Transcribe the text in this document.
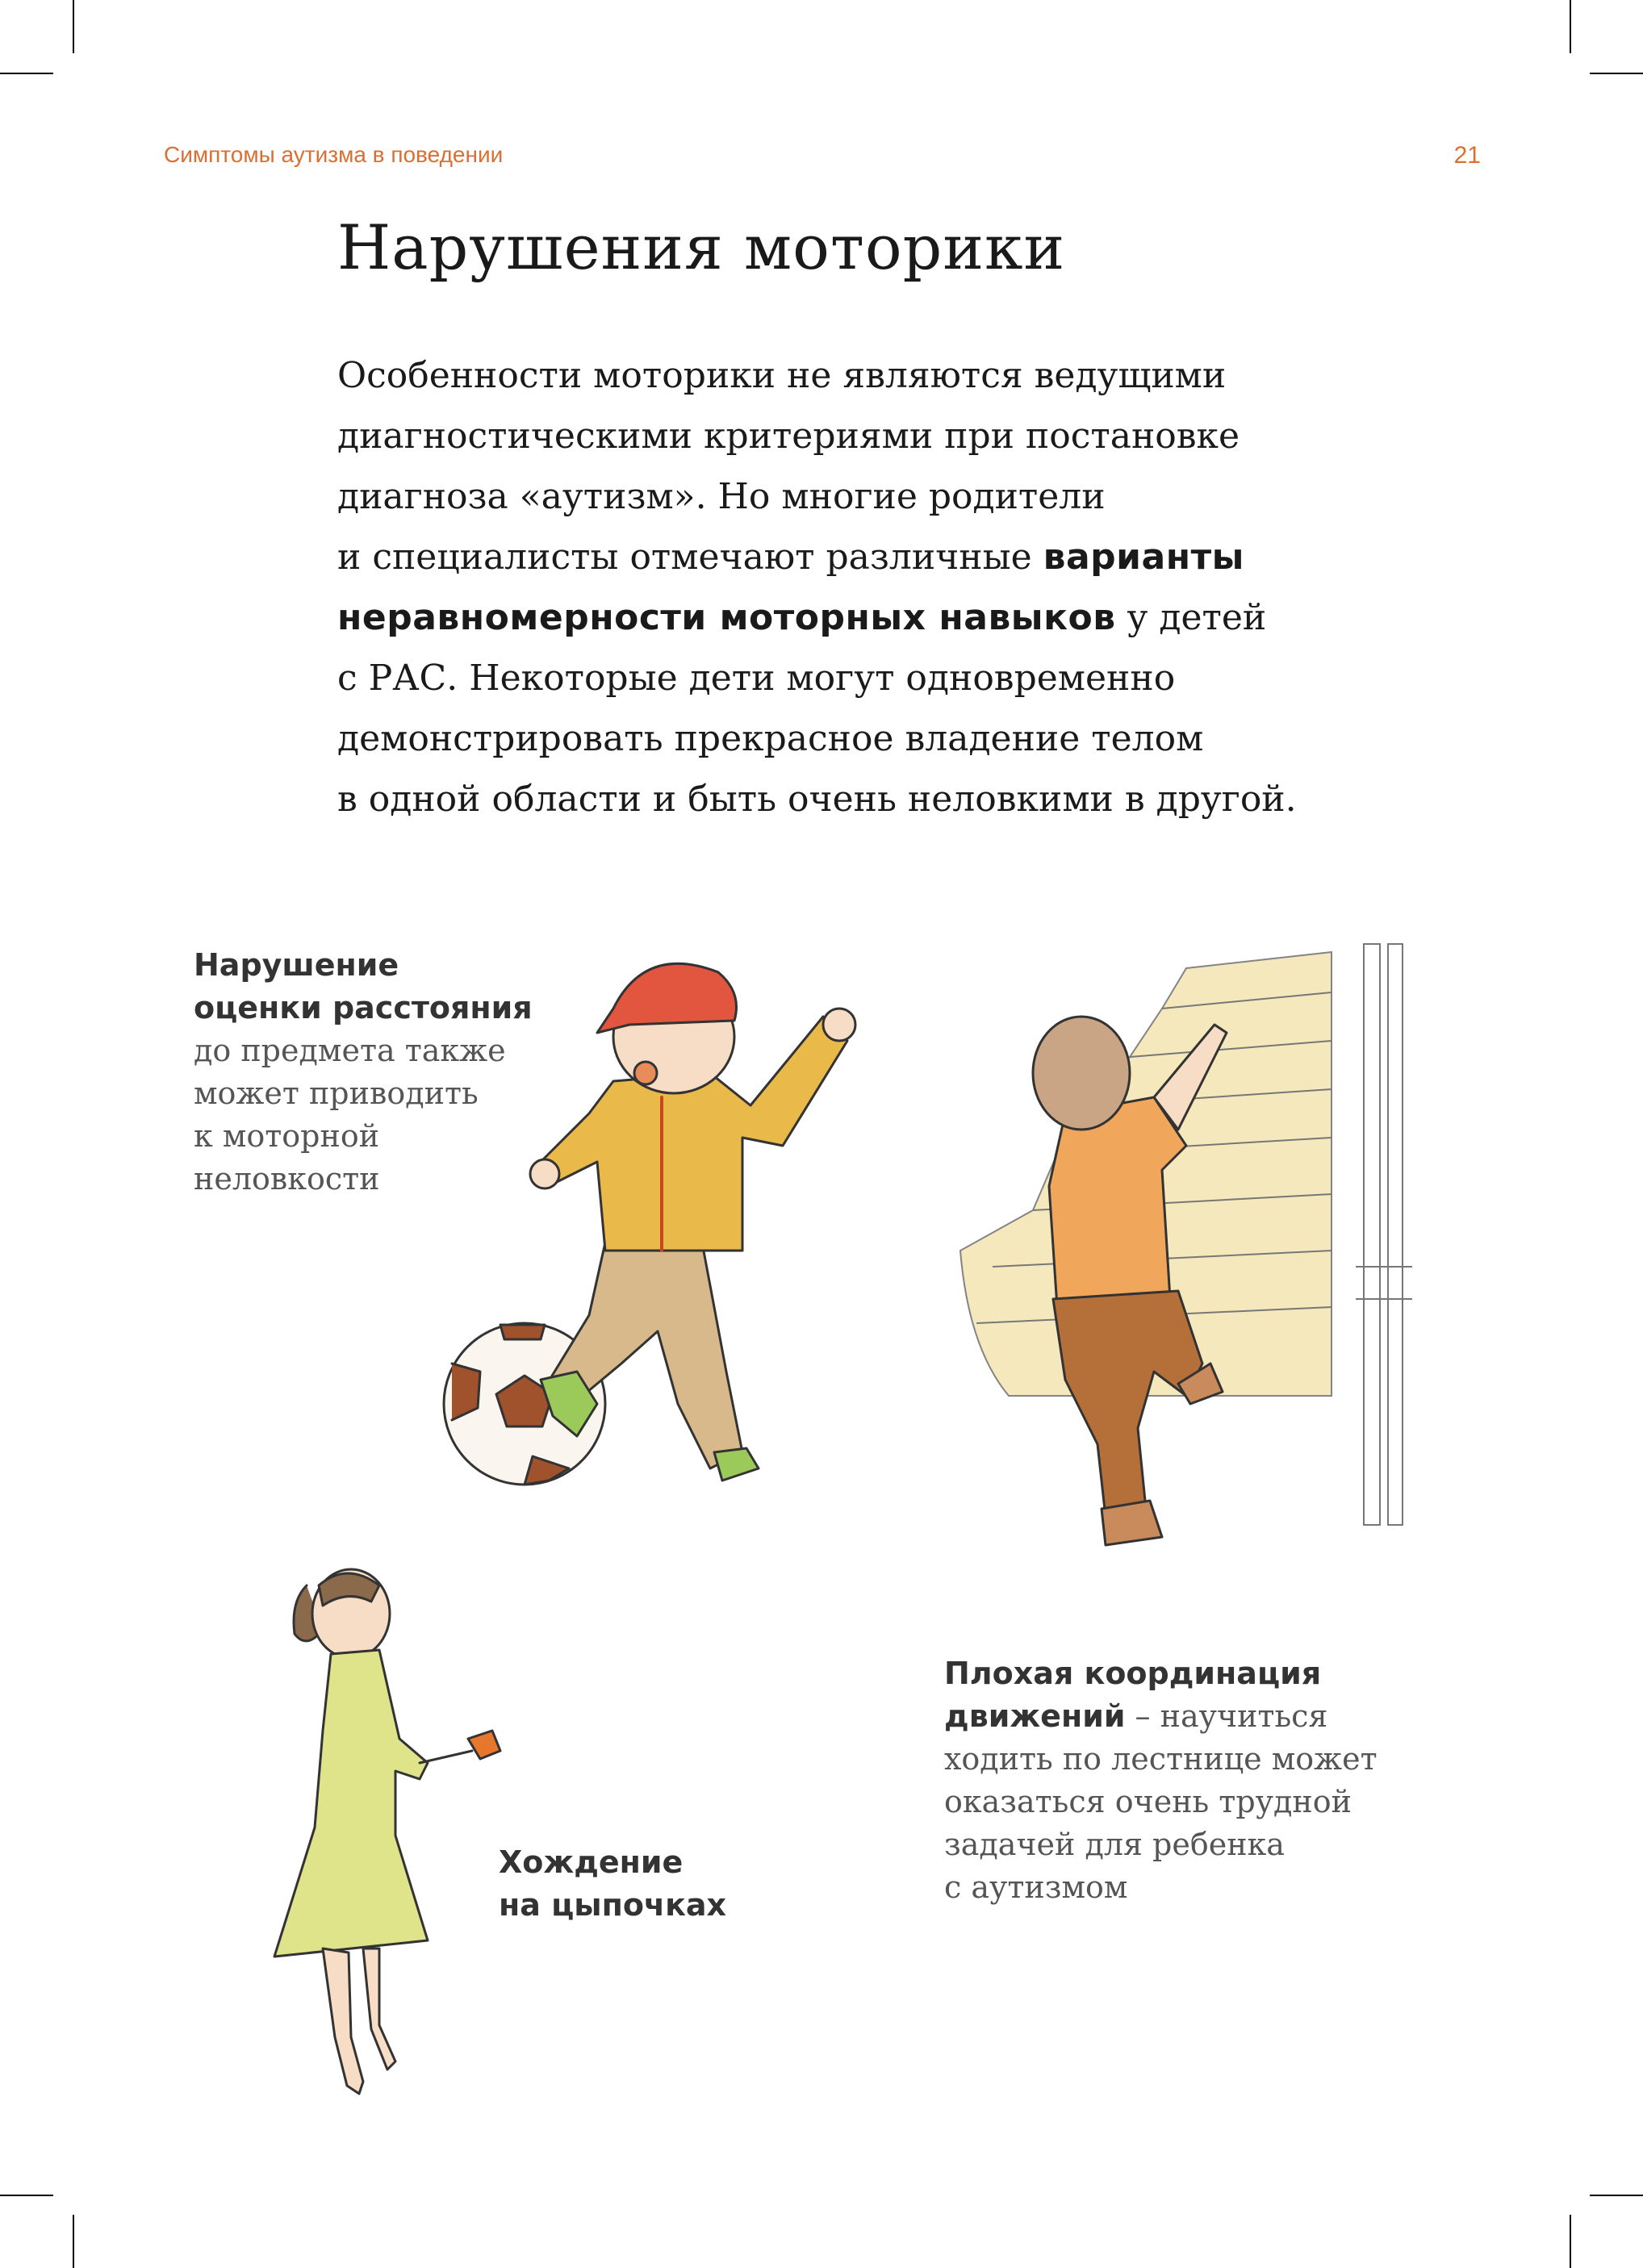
Симптомы аутизма в поведении	21
Нарушения моторики
Особенности моторики не являются ведущими
диагностическими критериями при постановке
диагноза «аутизм». Но многие родители
и специалисты отмечают различные варианты
неравномерности моторных навыков у детей
с РАС. Некоторые дети могут одновременно
демонстрировать прекрасное владение телом
в одной области и быть очень неловкими в другой.
Нарушение
оценки расстояния
до предмета также
может приводить
к моторной
неловкости
Плохая координация
движений – научиться
ходить по лестнице может
оказаться очень трудной
задачей для ребенка
с аутизмом
Хождение
на цыпочках
